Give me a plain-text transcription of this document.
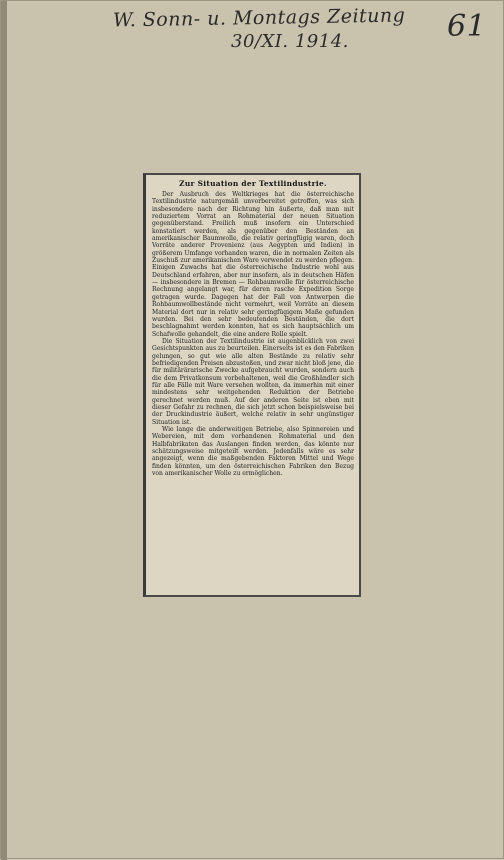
W. Sonn- u. Montags Zeitung
30/XI. 1914.	61
Zur Situation der Textilindustrie.

Der Ausbruch des Weltkrieges hat die österreichische Textilindustrie naturgemäß unvorbereitet getroffen, was sich insbesondere nach der Richtung hin äußerte, daß man mit reduziertem Vorrat an Rohmaterial der neuen Situation gegenüberstand. Freilich muß insofern ein Unterschied konstatiert werden, als gegenüber den Beständen an amerikanischer Baumwolle, die relativ geringfügig waren, doch Vorräte anderer Provenienz (aus Aegypten und Indien) in größerem Umfange vorhanden waren, die in normalen Zeiten als Zuschuß zur amerikanischen Ware verwendet zu werden pflegen. Einigen Zuwachs hat die österreichische Industrie wohl aus Deutschland erfahren, aber nur insofern, als in deutschen Häfen — insbesondere in Bremen — Rohbaumwolle für österreichische Rechnung angelangt war, für deren rasche Expedition Sorge getragen wurde. Dagegen hat der Fall von Antwerpen die Rohbaumwollbestände nicht vermehrt, weil Vorräte an diesem Material dort nur in relativ sehr geringfügigem Maße gefunden wurden. Bei den sehr bedeutenden Beständen, die dort beschlagnahmt werden konnten, hat es sich hauptsächlich um Schafwolle gehandelt, die eine andere Rolle spielt.

Die Situation der Textilindustrie ist augenblicklich von zwei Gesichtspunkten aus zu beurteilen. Einerseits ist es den Fabriken gelungen, so gut wie alle alten Bestände zu relativ sehr befriedigenden Preisen abzustoßen, und zwar nicht bloß jene, die für militärärarische Zwecke aufgebraucht wurden, sondern auch die dem Privatkonsum vorbehaltenen, weil die Großhändler sich für alle Fälle mit Ware versehen wollten, da immerhin mit einer mindestens sehr weitgehenden Reduktion der Betriebe gerechnet werden muß. Auf der anderen Seite ist eben mit dieser Gefahr zu rechnen, die sich jetzt schon beispielsweise bei der Druckindustrie äußert, welche relativ in sehr ungünstiger Situation ist.

Wie lange die anderweitigen Betriebe, also Spinnereien und Webereien, mit dem vorhandenen Rohmaterial und den Halbfabrikaten das Auslangen finden werden, das könnte nur schätzungsweise mitgeteilt werden. Jedenfalls wäre es sehr angezeigt, wenn die maßgebenden Faktoren Mittel und Wege finden könnten, um den österreichischen Fabriken den Bezug von amerikanischer Wolle zu ermöglichen.
